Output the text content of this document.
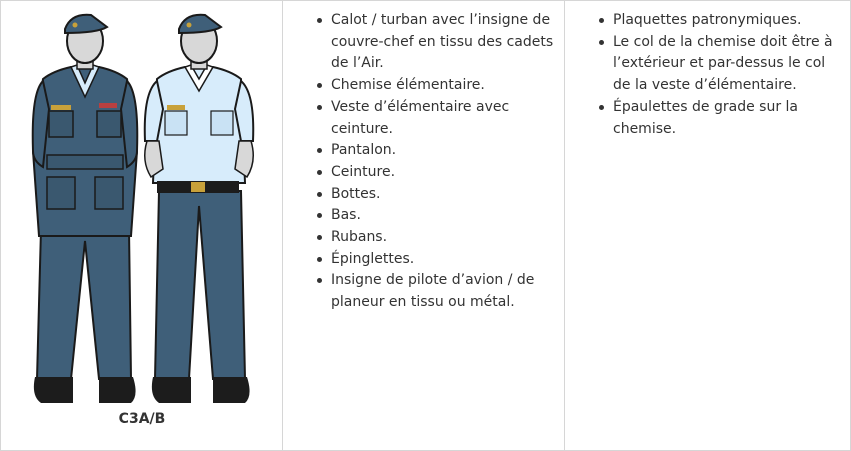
C3A/B
Calot / turban avec l’insigne de couvre-chef en tissu des cadets de l’Air.
Chemise élémentaire.
Veste d’élémentaire avec ceinture.
Pantalon.
Ceinture.
Bottes.
Bas.
Rubans.
Épinglettes.
Insigne de pilote d’avion / de planeur en tissu ou métal.
Plaquettes patronymiques.
Le col de la chemise doit être à l’extérieur et par-dessus le col de la veste d’élémentaire.
Épaulettes de grade sur la chemise.
